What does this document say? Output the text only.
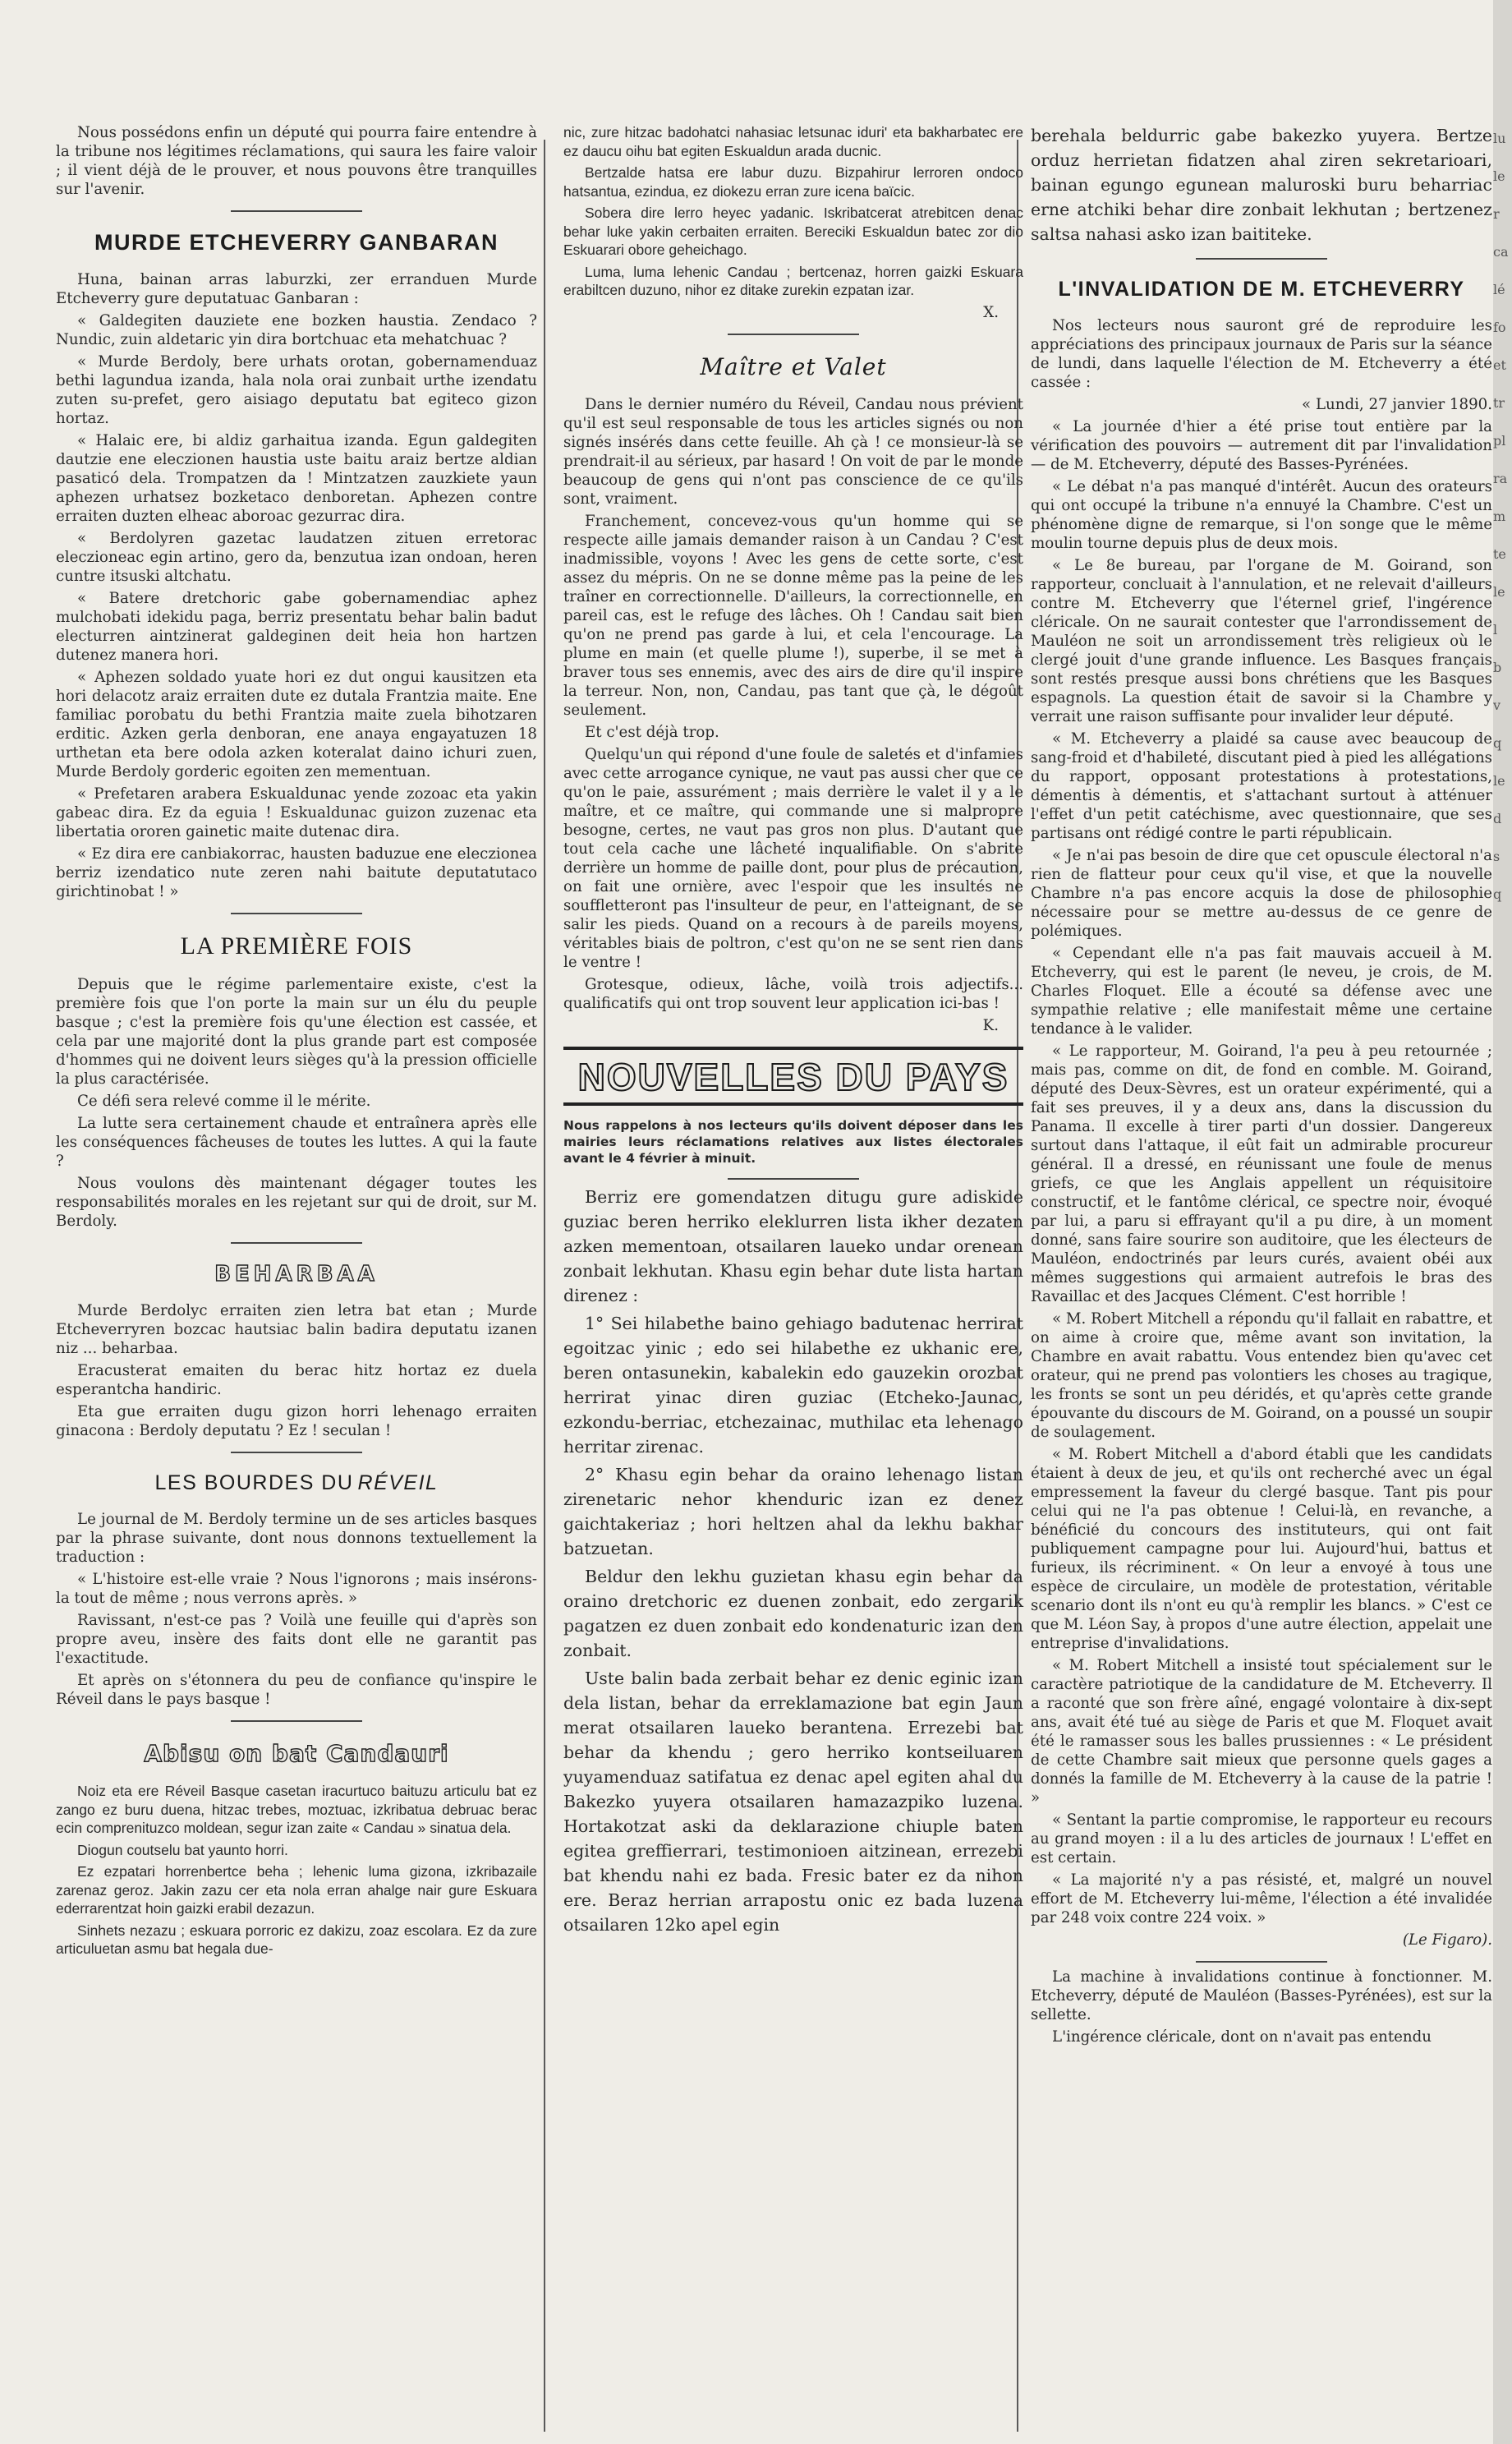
Nous possédons enfin un député qui pourra faire entendre à la tribune nos légitimes réclamations, qui saura les faire valoir ; il vient déjà de le prouver, et nous pouvons être tranquilles sur l'avenir.

MURDE ETCHEVERRY GANBARAN

Huna, bainan arras laburzki, zer erranduen Murde Etcheverry gure deputatuac Ganbaran :

« Galdegiten dauziete ene bozken haustia. Zendaco ? Nundic, zuin aldetaric yin dira bortchuac eta mehatchuac ?

« Murde Berdoly, bere urhats orotan, gobernamenduaz bethi lagundua izanda, hala nola orai zunbait urthe izendatu zuten su-prefet, gero aisiago deputatu bat egiteco gizon hortaz.

« Halaic ere, bi aldiz garhaitua izanda. Egun galdegiten dautzie ene eleczionen haustia uste baitu araiz bertze aldian pasaticó dela. Trompatzen da ! Mintzatzen zauzkiete yaun aphezen urhatsez bozketaco denboretan. Aphezen contre erraiten duzten elheac aboroac gezurrac dira.

« Berdolyren gazetac laudatzen zituen erretorac eleczioneac egin artino, gero da, benzutua izan ondoan, heren cuntre itsuski altchatu.

« Batere dretchoric gabe gobernamendiac aphez mulchobati idekidu paga, berriz presentatu behar balin badut electurren aintzinerat galdeginen deit heia hon hartzen dutenez manera hori.

« Aphezen soldado yuate hori ez dut ongui kausitzen eta hori delacotz araiz erraiten dute ez dutala Frantzia maite. Ene familiac porobatu du bethi Frantzia maite zuela bihotzaren erditic. Azken gerla denboran, ene anaya engayatuzen 18 urthetan eta bere odola azken koteralat daino ichuri zuen, Murde Berdoly gorderic egoiten zen mementuan.

« Prefetaren arabera Eskualdunac yende zozoac eta yakin gabeac dira. Ez da eguia ! Eskualdunac guizon zuzenac eta libertatia ororen gainetic maite dutenac dira.

« Ez dira ere canbiakorrac, hausten baduzue ene eleczionea berriz izendatico nute zeren nahi baitute deputatutaco girichtinobat ! »

LA PREMIÈRE FOIS

Depuis que le régime parlementaire existe, c'est la première fois que l'on porte la main sur un élu du peuple basque ; c'est la première fois qu'une élection est cassée, et cela par une majorité dont la plus grande part est composée d'hommes qui ne doivent leurs sièges qu'à la pression officielle la plus caractérisée.

Ce défi sera relevé comme il le mérite.

La lutte sera certainement chaude et entraînera après elle les conséquences fâcheuses de toutes les luttes. A qui la faute ?

Nous voulons dès maintenant dégager toutes les responsabilités morales en les rejetant sur qui de droit, sur M. Berdoly.

BEHARBAA

Murde Berdolyc erraiten zien letra bat etan ; Murde Etcheverryren bozcac hautsiac balin badira deputatu izanen niz ... beharbaa.

Eracusterat emaiten du berac hitz hortaz ez duela esperantcha handiric.

Eta gue erraiten dugu gizon horri lehenago erraiten ginacona : Berdoly deputatu ? Ez ! seculan !

LES BOURDES DU RÉVEIL

Le journal de M. Berdoly termine un de ses articles basques par la phrase suivante, dont nous donnons textuellement la traduction :

« L'histoire est-elle vraie ? Nous l'ignorons ; mais insérons-la tout de même ; nous verrons après. »

Ravissant, n'est-ce pas ? Voilà une feuille qui d'après son propre aveu, insère des faits dont elle ne garantit pas l'exactitude.

Et après on s'étonnera du peu de confiance qu'inspire le Réveil dans le pays basque !

Abisu on bat Candauri

Noiz eta ere Réveil Basque casetan iracurtuco baituzu articulu bat ez zango ez buru duena, hitzac trebes, moztuac, izkribatua debruac berac ecin comprenituzco moldean, segur izan zaite « Candau » sinatua dela.

Diogun coutselu bat yaunto horri.

Ez ezpatari horrenbertce beha ; lehenic luma gizona, izkribazaile zarenaz geroz. Jakin zazu cer eta nola erran ahalge nair gure Eskuara ederrarentzat hoin gaizki erabil dezazun.

Sinhets nezazu ; eskuara porroric ez dakizu, zoaz escolara. Ez da zure articuluetan asmu bat hegala due-

nic, zure hitzac badohatci nahasiac letsunac iduri' eta bakharbatec ere ez daucu oihu bat egiten Eskualdun arada ducnic.

Bertzalde hatsa ere labur duzu. Bizpahirur lerroren ondoco hatsantua, ezindua, ez diokezu erran zure icena baïcic.

Sobera dire lerro heyec yadanic. Iskribatcerat atrebitcen denac behar luke yakin cerbaiten erraiten. Bereciki Eskualdun batec zor dio Eskuarari obore geheichago.

Luma, luma lehenic Candau ; bertcenaz, horren gaizki Eskuara erabiltcen duzuno, nihor ez ditake zurekin ezpatan izar.

X.

Maître et Valet

Dans le dernier numéro du Réveil, Candau nous prévient qu'il est seul responsable de tous les articles signés ou non signés insérés dans cette feuille. Ah çà ! ce monsieur-là se prendrait-il au sérieux, par hasard ! On voit de par le monde beaucoup de gens qui n'ont pas conscience de ce qu'ils sont, vraiment.

Franchement, concevez-vous qu'un homme qui se respecte aille jamais demander raison à un Candau ? C'est inadmissible, voyons ! Avec les gens de cette sorte, c'est assez du mépris. On ne se donne même pas la peine de les traîner en correctionnelle. D'ailleurs, la correctionnelle, en pareil cas, est le refuge des lâches. Oh ! Candau sait bien qu'on ne prend pas garde à lui, et cela l'encourage. La plume en main (et quelle plume !), superbe, il se met à braver tous ses ennemis, avec des airs de dire qu'il inspire la terreur. Non, non, Candau, pas tant que çà, le dégoût seulement.

Et c'est déjà trop.

Quelqu'un qui répond d'une foule de saletés et d'infamies avec cette arrogance cynique, ne vaut pas aussi cher que ce qu'on le paie, assurément ; mais derrière le valet il y a le maître, et ce maître, qui commande une si malpropre besogne, certes, ne vaut pas gros non plus. D'autant que tout cela cache une lâcheté inqualifiable. On s'abrite derrière un homme de paille dont, pour plus de précaution, on fait une ornière, avec l'espoir que les insultés ne souffletteront pas l'insulteur de peur, en l'atteignant, de se salir les pieds. Quand on a recours à de pareils moyens, véritables biais de poltron, c'est qu'on ne se sent rien dans le ventre !

Grotesque, odieux, lâche, voilà trois adjectifs... qualificatifs qui ont trop souvent leur application ici-bas !

K.

NOUVELLES DU PAYS

Nous rappelons à nos lecteurs qu'ils doivent déposer dans les mairies leurs réclamations relatives aux listes électorales avant le 4 février à minuit.

Berriz ere gomendatzen ditugu gure adiskide guziac beren herriko eleklurren lista ikher dezaten azken mementoan, otsailaren laueko undar orenean zonbait lekhutan. Khasu egin behar dute lista hartan direnez :

1° Sei hilabethe baino gehiago badutenac herrirat egoitzac yinic ; edo sei hilabethe ez ukhanic ere, beren ontasunekin, kabalekin edo gauzekin orozbat herrirat yinac diren guziac (Etcheko-Jaunac, ezkondu-berriac, etchezainac, muthilac eta lehenago herritar zirenac.

2° Khasu egin behar da oraino lehenago listan zirenetaric nehor khenduric izan ez denez gaichtakeriaz ; hori heltzen ahal da lekhu bakhar batzuetan.

Beldur den lekhu guzietan khasu egin behar da oraino dretchoric ez duenen zonbait, edo zergarik pagatzen ez duen zonbait edo kondenaturic izan den zonbait.

Uste balin bada zerbait behar ez denic eginic izan dela listan, behar da erreklamazione bat egin Jaun merat otsailaren laueko berantena. Errezebi bat behar da khendu ; gero herriko kontseiluaren yuyamenduaz satifatua ez denac apel egiten ahal du Bakezko yuyera otsailaren hamazazpiko luzena. Hortakotzat aski da deklarazione chiuple baten egitea greffierrari, testimonioen aitzinean, errezebi bat khendu nahi ez bada. Fresic bater ez da nihon ere. Beraz herrian arrapostu onic ez bada luzena otsailaren 12ko apel egin

berehala beldurric gabe bakezko yuyera. Bertze orduz herrietan fidatzen ahal ziren sekretarioari, bainan egungo egunean maluroski buru beharriac erne atchiki behar dire zonbait lekhutan ; bertzenez saltsa nahasi asko izan baititeke.

L'INVALIDATION DE M. ETCHEVERRY

Nos lecteurs nous sauront gré de reproduire les appréciations des principaux journaux de Paris sur la séance de lundi, dans laquelle l'élection de M. Etcheverry a été cassée :

« Lundi, 27 janvier 1890.

« La journée d'hier a été prise tout entière par la vérification des pouvoirs — autrement dit par l'invalidation — de M. Etcheverry, député des Basses-Pyrénées.

« Le débat n'a pas manqué d'intérêt. Aucun des orateurs qui ont occupé la tribune n'a ennuyé la Chambre. C'est un phénomène digne de remarque, si l'on songe que le même moulin tourne depuis plus de deux mois.

« Le 8e bureau, par l'organe de M. Goirand, son rapporteur, concluait à l'annulation, et ne relevait d'ailleurs contre M. Etcheverry que l'éternel grief, l'ingérence cléricale. On ne saurait contester que l'arrondissement de Mauléon ne soit un arrondissement très religieux où le clergé jouit d'une grande influence. Les Basques français sont restés presque aussi bons chrétiens que les Basques espagnols. La question était de savoir si la Chambre y verrait une raison suffisante pour invalider leur député.

« M. Etcheverry a plaidé sa cause avec beaucoup de sang-froid et d'habileté, discutant pied à pied les allégations du rapport, opposant protestations à protestations, démentis à démentis, et s'attachant surtout à atténuer l'effet d'un petit catéchisme, avec questionnaire, que ses partisans ont rédigé contre le parti républicain.

« Je n'ai pas besoin de dire que cet opuscule électoral n'a rien de flatteur pour ceux qu'il vise, et que la nouvelle Chambre n'a pas encore acquis la dose de philosophie nécessaire pour se mettre au-dessus de ce genre de polémiques.

« Cependant elle n'a pas fait mauvais accueil à M. Etcheverry, qui est le parent (le neveu, je crois, de M. Charles Floquet. Elle a écouté sa défense avec une sympathie relative ; elle manifestait même une certaine tendance à le valider.

« Le rapporteur, M. Goirand, l'a peu à peu retournée ; mais pas, comme on dit, de fond en comble. M. Goirand, député des Deux-Sèvres, est un orateur expérimenté, qui a fait ses preuves, il y a deux ans, dans la discussion du Panama. Il excelle à tirer parti d'un dossier. Dangereux surtout dans l'attaque, il eût fait un admirable procureur général. Il a dressé, en réunissant une foule de menus griefs, ce que les Anglais appellent un réquisitoire constructif, et le fantôme clérical, ce spectre noir, évoqué par lui, a paru si effrayant qu'il a pu dire, à un moment donné, sans faire sourire son auditoire, que les électeurs de Mauléon, endoctrinés par leurs curés, avaient obéi aux mêmes suggestions qui armaient autrefois le bras des Ravaillac et des Jacques Clément. C'est horrible !

« M. Robert Mitchell a répondu qu'il fallait en rabattre, et on aime à croire que, même avant son invitation, la Chambre en avait rabattu. Vous entendez bien qu'avec cet orateur, qui ne prend pas volontiers les choses au tragique, les fronts se sont un peu déridés, et qu'après cette grande épouvante du discours de M. Goirand, on a poussé un soupir de soulagement.

« M. Robert Mitchell a d'abord établi que les candidats étaient à deux de jeu, et qu'ils ont recherché avec un égal empressement la faveur du clergé basque. Tant pis pour celui qui ne l'a pas obtenue ! Celui-là, en revanche, a bénéficié du concours des instituteurs, qui ont fait publiquement campagne pour lui. Aujourd'hui, battus et furieux, ils récriminent. « On leur a envoyé à tous une espèce de circulaire, un modèle de protestation, véritable scenario dont ils n'ont eu qu'à remplir les blancs. » C'est ce que M. Léon Say, à propos d'une autre élection, appelait une entreprise d'invalidations.

« M. Robert Mitchell a insisté tout spécialement sur le caractère patriotique de la candidature de M. Etcheverry. Il a raconté que son frère aîné, engagé volontaire à dix-sept ans, avait été tué au siège de Paris et que M. Floquet avait été le ramasser sous les balles prussiennes : « Le président de cette Chambre sait mieux que personne quels gages a donnés la famille de M. Etcheverry à la cause de la patrie ! »

« Sentant la partie compromise, le rapporteur eu recours au grand moyen : il a lu des articles de journaux ! L'effet en est certain.

« La majorité n'y a pas résisté, et, malgré un nouvel effort de M. Etcheverry lui-même, l'élection a été invalidée par 248 voix contre 224 voix. »

(Le Figaro).

La machine à invalidations continue à fonctionner. M. Etcheverry, député de Mauléon (Basses-Pyrénées), est sur la sellette.

L'ingérence cléricale, dont on n'avait pas entendu

lu
le
r
ca
lé
fo
et
tr
pl
ra
m
te
le
l
b
v
q
le
d
s
q
